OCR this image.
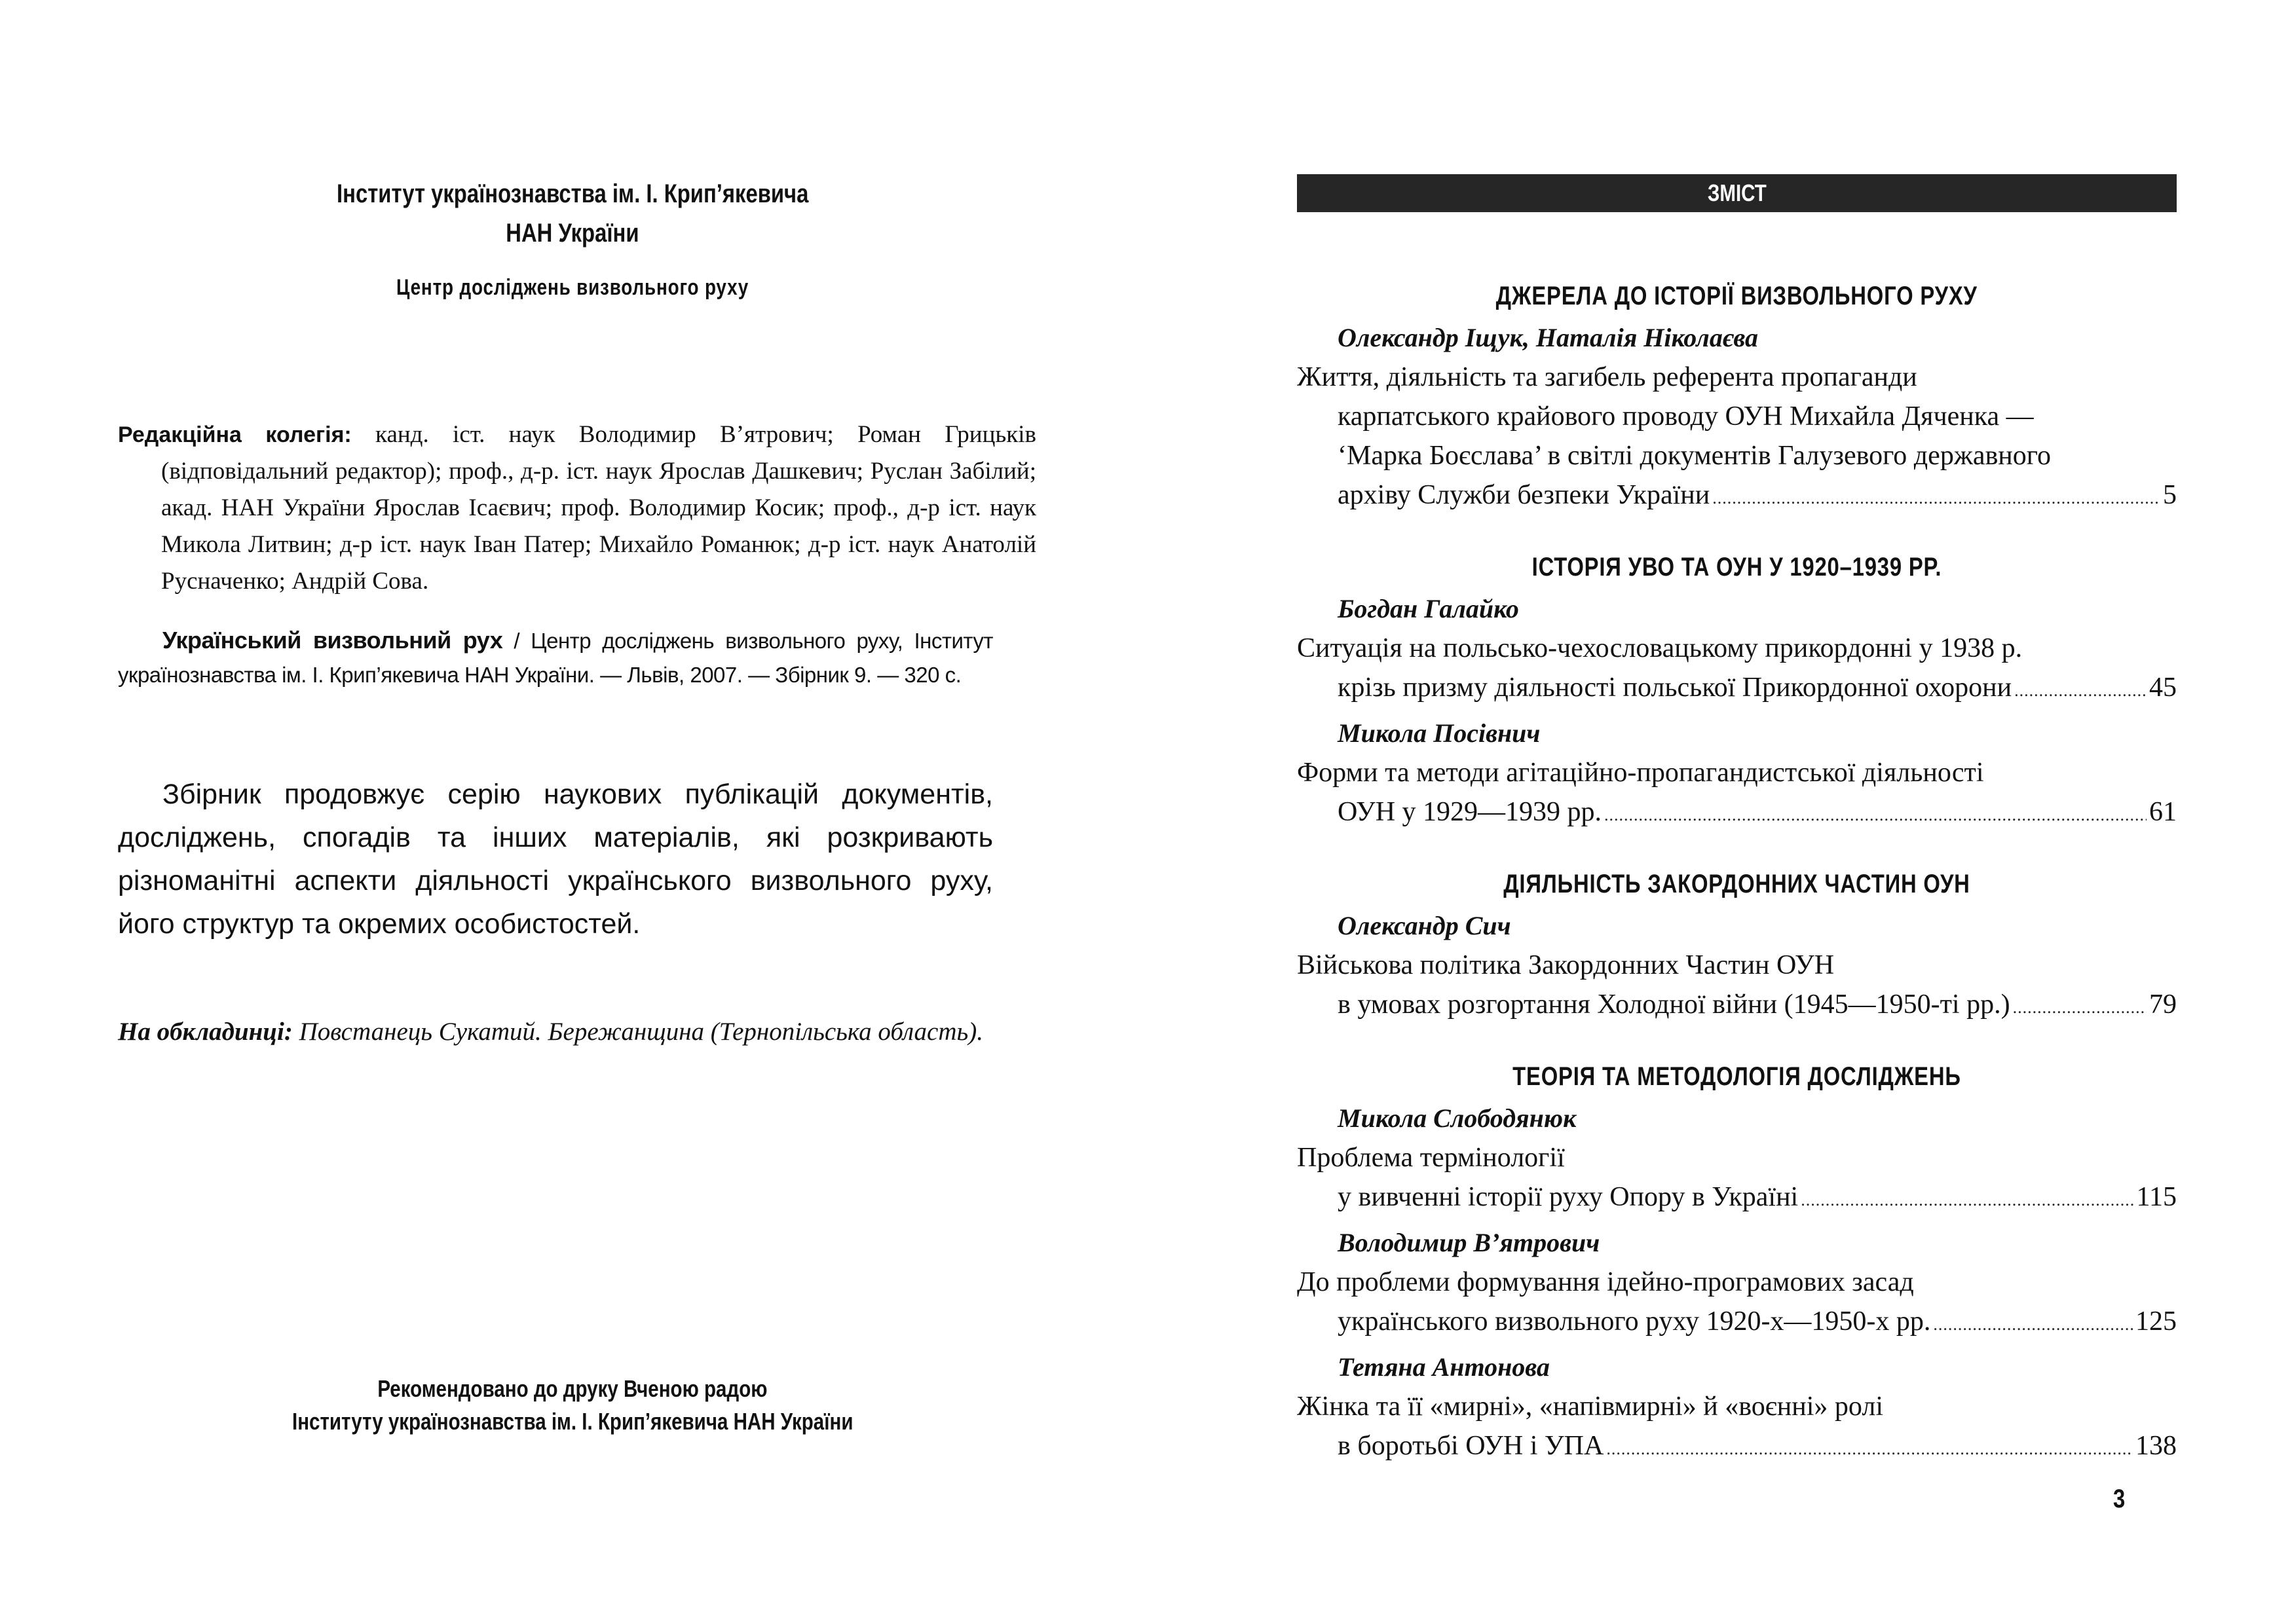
Інститут українознавства ім. І. Крип’якевича
НАН України
Центр досліджень визвольного руху
Редакційна колегія: канд. іст. наук Володимир В’ятрович; Роман Грицьків (відповідальний редактор); проф., д-р. іст. наук Ярослав Дашкевич; Руслан Забілий; акад. НАН України Ярослав Ісаєвич; проф. Володимир Косик; проф., д-р іст. наук Микола Литвин; д-р іст. наук Іван Патер; Михайло Романюк; д-р іст. наук Анатолій Русначенко; Андрій Сова.
Український визвольний рух / Центр досліджень визвольного руху, Інститут українознавства ім. І. Крип’якевича НАН України. — Львів, 2007. — Збірник 9. — 320 с.
Збірник продовжує серію наукових публікацій документів, досліджень, спогадів та інших матеріалів, які розкривають різноманітні аспекти діяльності українського визвольного руху, його структур та окремих особистостей.
На обкладинці: Повстанець Сукатий. Бережанщина (Тернопільська область).
Рекомендовано до друку Вченою радою
Інституту українознавства ім. І. Крип’якевича НАН України
ЗМІСТ
ДЖЕРЕЛА ДО ІСТОРІЇ ВИЗВОЛЬНОГО РУХУ
Олександр Іщук, Наталія Ніколаєва
Життя, діяльність та загибель референта пропаганди
карпатського крайового проводу ОУН Михайла Дяченка —
‘Марка Боєслава’ в світлі документів Галузевого державного
архіву Служби безпеки України .....	5
ІСТОРІЯ УВО ТА ОУН У 1920–1939 РР.
Богдан Галайко
Ситуація на польсько-чехословацькому прикордонні у 1938 р.
крізь призму діяльності польської Прикордонної охорони .....	45
Микола Посівнич
Форми та методи агітаційно-пропагандистської діяльності
ОУН у 1929—1939 рр. .....	61
ДІЯЛЬНІСТЬ ЗАКОРДОННИХ ЧАСТИН ОУН
Олександр Сич
Військова політика Закордонних Частин ОУН
в умовах розгортання Холодної війни (1945—1950-ті рр.) .....	79
ТЕОРІЯ ТА МЕТОДОЛОГІЯ ДОСЛІДЖЕНЬ
Микола Слободянюк
Проблема термінології
у вивченні історії руху Опору в Україні .....	115
Володимир В’ятрович
До проблеми формування ідейно-програмових засад
українського визвольного руху 1920-х—1950-х рр. .....	125
Тетяна Антонова
Жінка та її «мирні», «напівмирні» й «воєнні» ролі
в боротьбі ОУН і УПА .....	138
3
